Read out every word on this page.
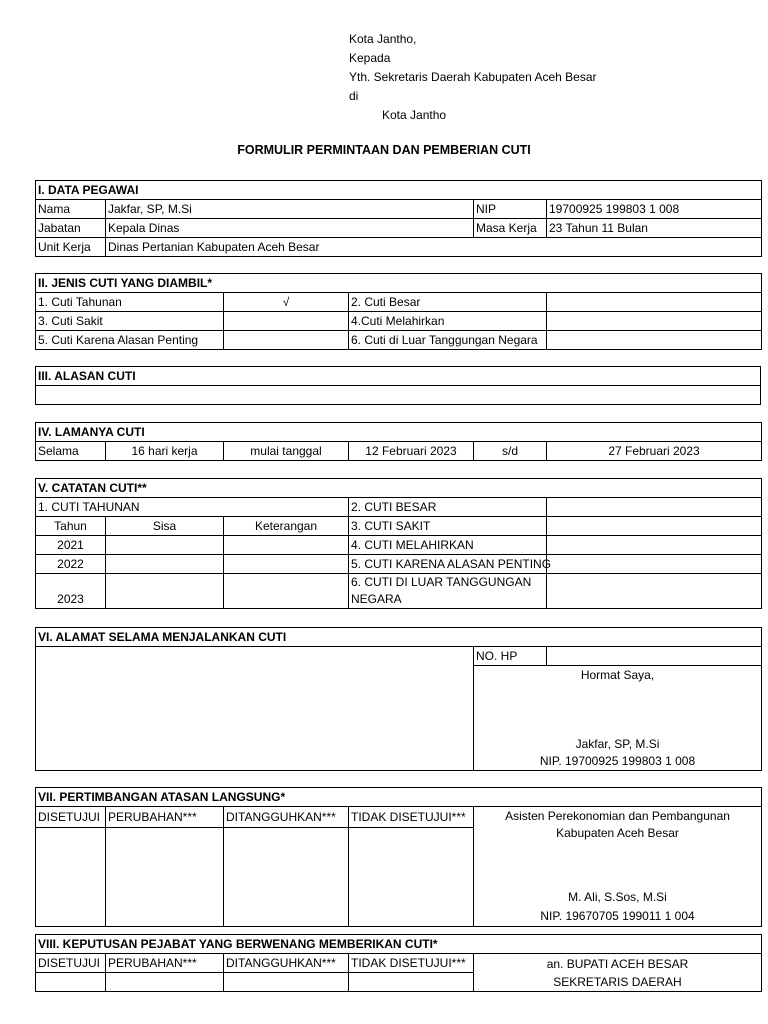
Kota Jantho,
Kepada
Yth. Sekretaris Daerah Kabupaten Aceh Besar
di
Kota Jantho
FORMULIR PERMINTAAN DAN PEMBERIAN CUTI
I. DATA PEGAWAI			
Nama	Jakfar, SP, M.Si	NIP	19700925 199803 1 008
Jabatan	Kepala Dinas	Masa Kerja	23 Tahun 11 Bulan
Unit Kerja	Dinas Pertanian Kabupaten Aceh Besar		
II. JENIS CUTI YANG DIAMBIL*			
1. Cuti Tahunan	√	2. Cuti Besar	
3. Cuti Sakit		4.Cuti Melahirkan	
5. Cuti Karena Alasan Penting		6. Cuti di Luar Tanggungan Negara	
III. ALASAN CUTI

IV. LAMANYA CUTI
Selama	16 hari kerja	mulai tanggal	12 Februari 2023	s/d	27 Februari 2023
V. CATATAN CUTI**				
1. CUTI TAHUNAN			2. CUTI BESAR	
Tahun	Sisa	Keterangan	3. CUTI SAKIT	
2021			4. CUTI MELAHIRKAN	
2022			5. CUTI KARENA ALASAN PENTING	
2023			6. CUTI DI LUAR TANGGUNGAN NEGARA	
VI. ALAMAT SELAMA MENJALANKAN CUTI
	NO. HP	

Hormat Saya,
Jakfar, SP, M.Si
NIP. 19700925 199803 1 008
VII. PERTIMBANGAN ATASAN LANGSUNG*				
DISETUJUI	PERUBAHAN***	DITANGGUHKAN***	TIDAK DISETUJUI***	Asisten Perekonomian dan Pembangunan Kabupaten Aceh Besar
M. Ali, S.Sos, M.Si
NIP. 19670705 199011 1 004

VIII. KEPUTUSAN PEJABAT YANG BERWENANG MEMBERIKAN CUTI*				
DISETUJUI	PERUBAHAN***	DITANGGUHKAN***	TIDAK DISETUJUI***	an. BUPATI ACEH BESAR
SEKRETARIS DAERAH
